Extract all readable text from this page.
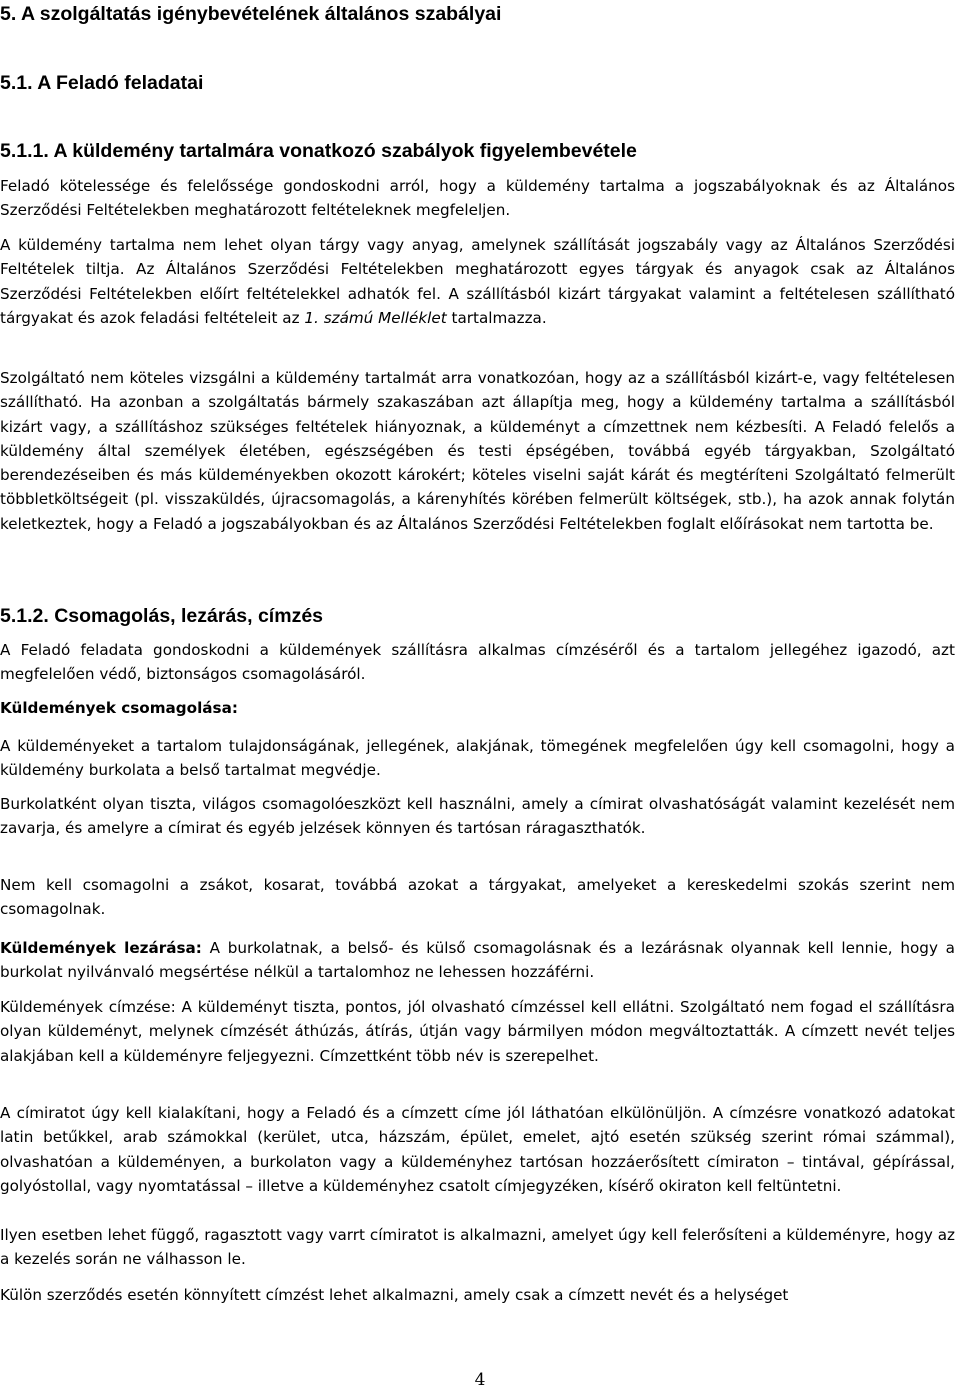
5. A szolgáltatás igénybevételének általános szabályai
5.1. A Feladó feladatai
5.1.1. A küldemény tartalmára vonatkozó szabályok figyelembevétele

Feladó kötelessége és felelőssége gondoskodni arról, hogy a küldemény tartalma a jogszabályoknak és az Általános Szerződési Feltételekben meghatározott feltételeknek megfeleljen.

A küldemény tartalma nem lehet olyan tárgy vagy anyag, amelynek szállítását jogszabály vagy az Általános Szerződési Feltételek tiltja. Az Általános Szerződési Feltételekben meghatározott egyes tárgyak és anyagok csak az Általános Szerződési Feltételekben előírt feltételekkel adhatók fel. A szállításból kizárt tárgyakat valamint a feltételesen szállítható tárgyakat és azok feladási feltételeit az 1. számú Melléklet tartalmazza.

Szolgáltató nem köteles vizsgálni a küldemény tartalmát arra vonatkozóan, hogy az a szállításból kizárt-e, vagy feltételesen szállítható. Ha azonban a szolgáltatás bármely szakaszában azt állapítja meg, hogy a küldemény tartalma a szállításból kizárt vagy, a szállításhoz szükséges feltételek hiányoznak, a küldeményt a címzettnek nem kézbesíti. A Feladó felelős a küldemény által személyek életében, egészségében és testi épségében, továbbá egyéb tárgyakban, Szolgáltató berendezéseiben és más küldeményekben okozott károkért; köteles viselni saját kárát és megtéríteni Szolgáltató felmerült többletköltségeit (pl. visszaküldés, újracsomagolás, a kárenyhítés körében felmerült költségek, stb.), ha azok annak folytán keletkeztek, hogy a Feladó a jogszabályokban és az Általános Szerződési Feltételekben foglalt előírásokat nem tartotta be.

5.1.2. Csomagolás, lezárás, címzés

A Feladó feladata gondoskodni a küldemények szállításra alkalmas címzéséről és a tartalom jellegéhez igazodó, azt megfelelően védő, biztonságos csomagolásáról.

Küldemények csomagolása:

A küldeményeket a tartalom tulajdonságának, jellegének, alakjának, tömegének megfelelően úgy kell csomagolni, hogy a küldemény burkolata a belső tartalmat megvédje.

Burkolatként olyan tiszta, világos csomagolóeszközt kell használni, amely a címirat olvashatóságát valamint kezelését nem zavarja, és amelyre a címirat és egyéb jelzések könnyen és tartósan ráragaszthatók.

Nem kell csomagolni a zsákot, kosarat, továbbá azokat a tárgyakat, amelyeket a kereskedelmi szokás szerint nem csomagolnak.

Küldemények lezárása: A burkolatnak, a belső- és külső csomagolásnak és a lezárásnak olyannak kell lennie, hogy a burkolat nyilvánvaló megsértése nélkül a tartalomhoz ne lehessen hozzáférni.

Küldemények címzése: A küldeményt tiszta, pontos, jól olvasható címzéssel kell ellátni. Szolgáltató nem fogad el szállításra olyan küldeményt, melynek címzését áthúzás, átírás, útján vagy bármilyen módon megváltoztatták. A címzett nevét teljes alakjában kell a küldeményre feljegyezni. Címzettként több név is szerepelhet.

A címiratot úgy kell kialakítani, hogy a Feladó és a címzett címe jól láthatóan elkülönüljön. A címzésre vonatkozó adatokat latin betűkkel, arab számokkal (kerület, utca, házszám, épület, emelet, ajtó esetén szükség szerint római számmal), olvashatóan a küldeményen, a burkolaton vagy a küldeményhez tartósan hozzáerősített címiraton – tintával, gépírással, golyóstollal, vagy nyomtatással – illetve a küldeményhez csatolt címjegyzéken, kísérő okiraton kell feltüntetni.

Ilyen esetben lehet függő, ragasztott vagy varrt címiratot is alkalmazni, amelyet úgy kell felerősíteni a küldeményre, hogy az a kezelés során ne válhasson le.

Külön szerződés esetén könnyített címzést lehet alkalmazni, amely csak a címzett nevét és a helységet

4
